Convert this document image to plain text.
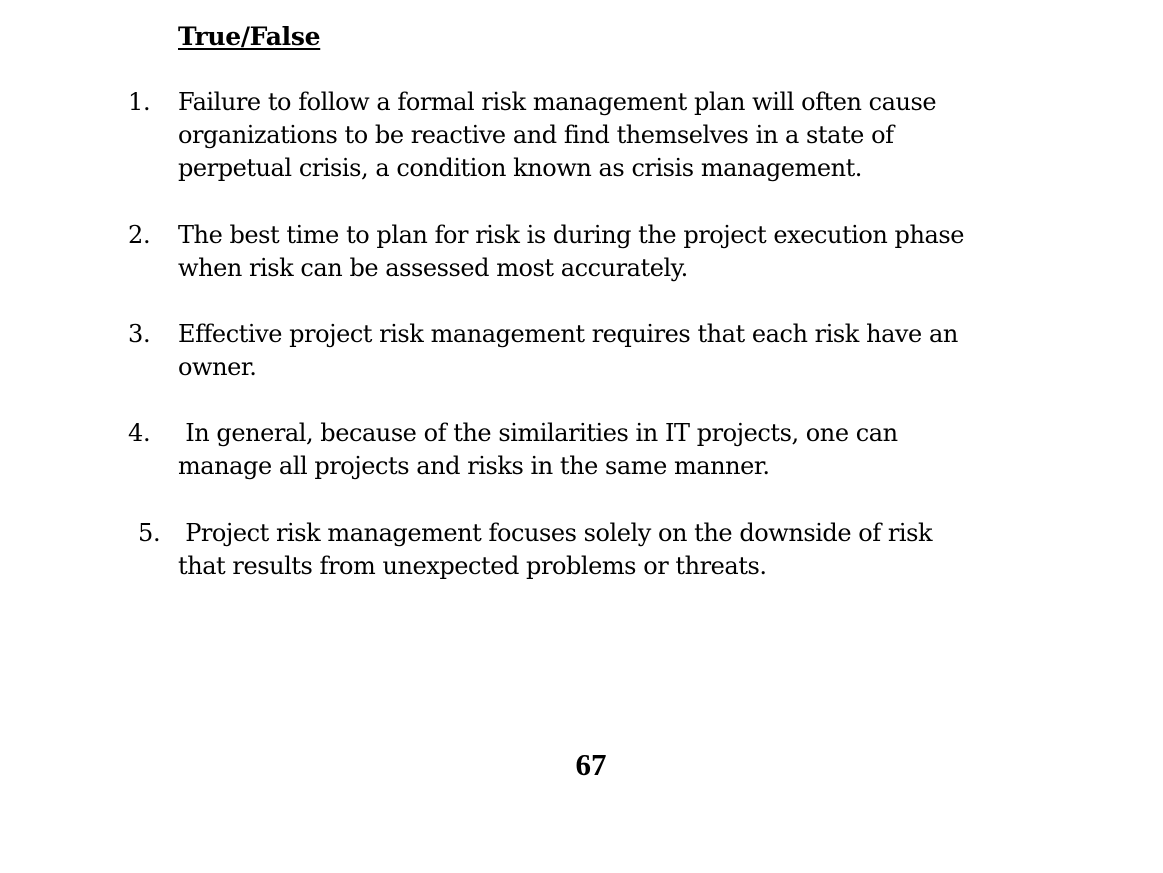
True/False
1. Failure to follow a formal risk management plan will often cause organizations to be reactive and find themselves in a state of perpetual crisis, a condition known as crisis management.

2. The best time to plan for risk is during the project execution phase when risk can be assessed most accurately.

3. Effective project risk management requires that each risk have an owner.

4. In general, because of the similarities in IT projects, one can manage all projects and risks in the same manner.

5. Project risk management focuses solely on the downside of risk that results from unexpected problems or threats.

67
